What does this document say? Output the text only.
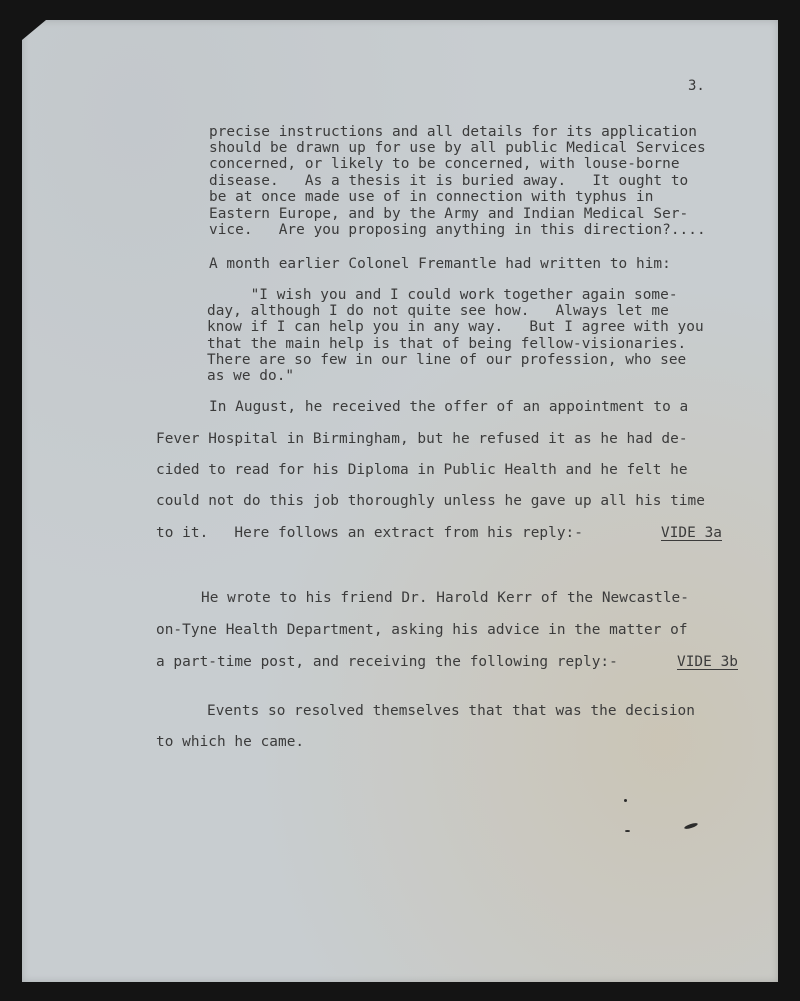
3.
precise instructions and all details for its application
should be drawn up for use by all public Medical Services
concerned, or likely to be concerned, with louse-borne
disease.   As a thesis it is buried away.   It ought to
be at once made use of in connection with typhus in
Eastern Europe, and by the Army and Indian Medical Ser-
vice.   Are you proposing anything in this direction?....
A month earlier Colonel Fremantle had written to him:
"I wish you and I could work together again some-
day, although I do not quite see how.   Always let me
know if I can help you in any way.   But I agree with you
that the main help is that of being fellow-visionaries.
There are so few in our line of our profession, who see
as we do."
In August, he received the offer of an appointment to a
Fever Hospital in Birmingham, but he refused it as he had de-
cided to read for his Diploma in Public Health and he felt he
could not do this job thoroughly unless he gave up all his time
to it.   Here follows an extract from his reply:-	VIDE 3a
He wrote to his friend Dr. Harold Kerr of the Newcastle-
on-Tyne Health Department, asking his advice in the matter of
a part-time post, and receiving the following reply:-	VIDE 3b
Events so resolved themselves that that was the decision
to which he came.
